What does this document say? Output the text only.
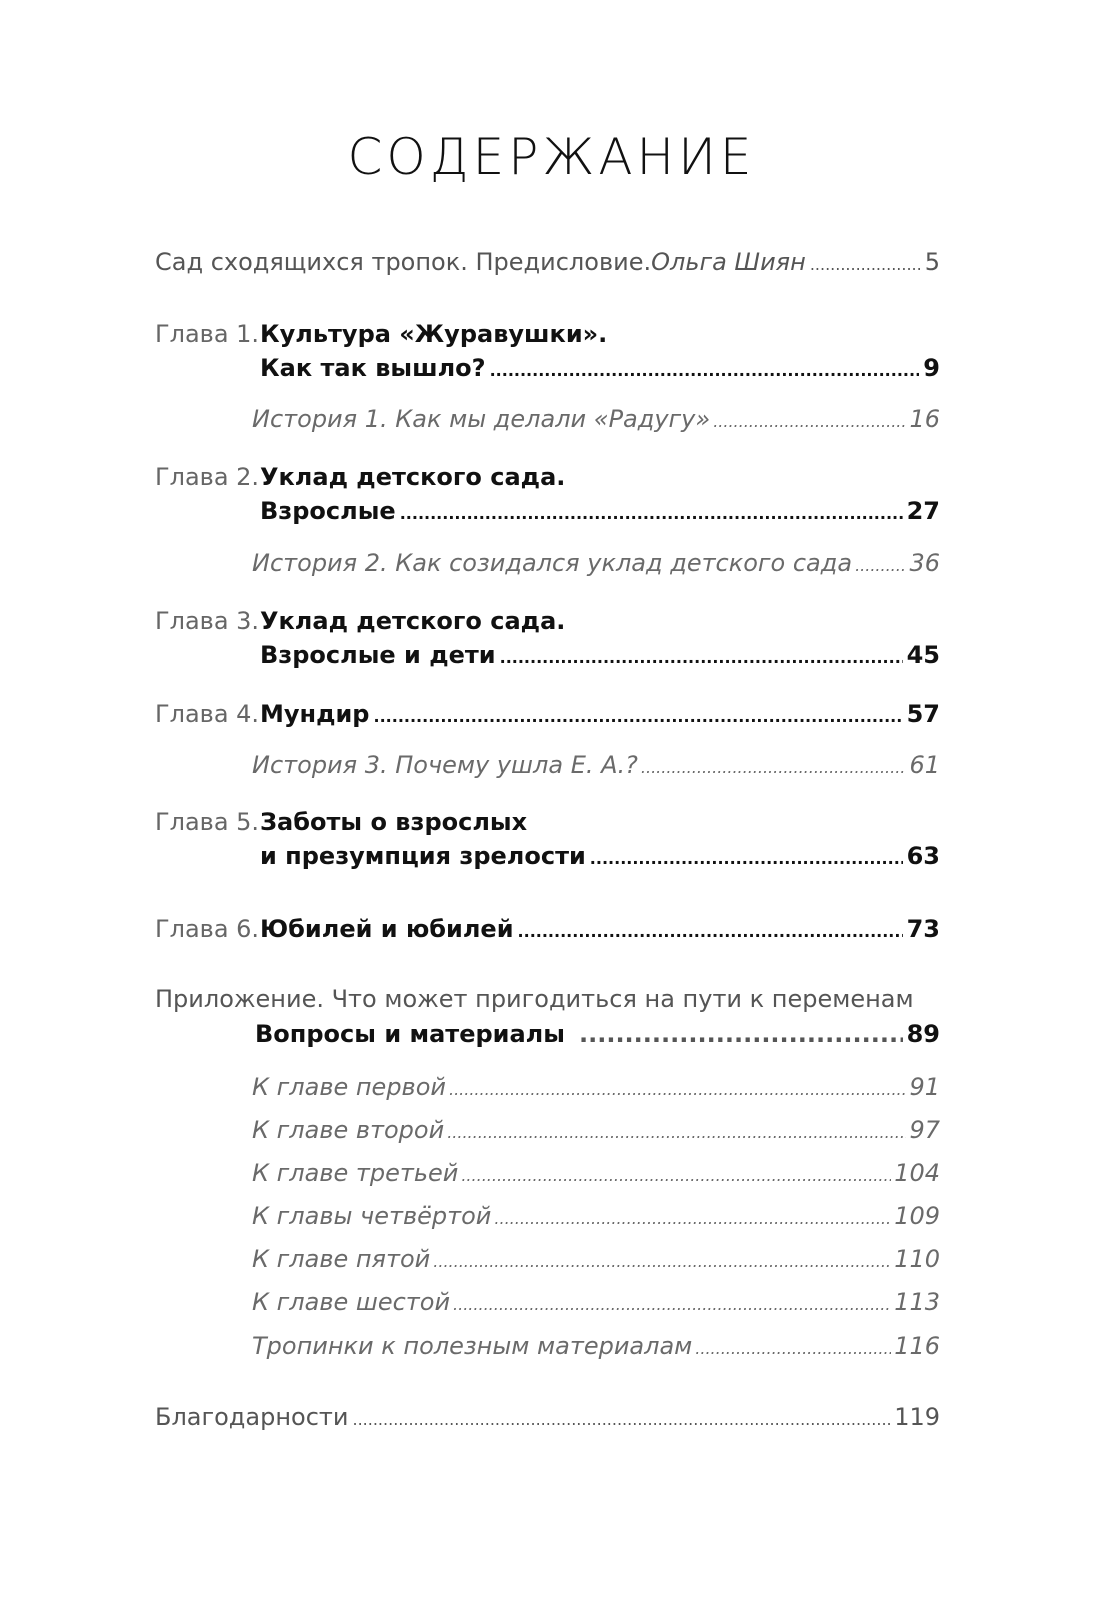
СОДЕРЖАНИЕ
Сад сходящихся тропок. Предисловие. Ольга Шиян .....	5
Глава 1. Культура «Журавушки».
Как так вышло? .....	9
История 1. Как мы делали «Радугу» .....	16
Глава 2. Уклад детского сада.
Взрослые .....	27
История 2. Как созидался уклад детского сада ..... 36
Глава 3. Уклад детского сада.
Взрослые и дети .....	45
Глава 4. Мундир .....	57
История 3. Почему ушла Е. А.? .....	61
Глава 5. Заботы о взрослых
и презумпция зрелости .....	63
Глава 6. Юбилей и юбилей .....	73
Приложение. Что может пригодиться на пути к переменам
Вопросы и материалы .....	89
К главе первой .....	91
К главе второй .....	97
К главе третьей .....	104
К главы четвёртой .....	109
К главе пятой .....	110
К главе шестой .....	113
Тропинки к полезным материалам .....	116
Благодарности .....	119
